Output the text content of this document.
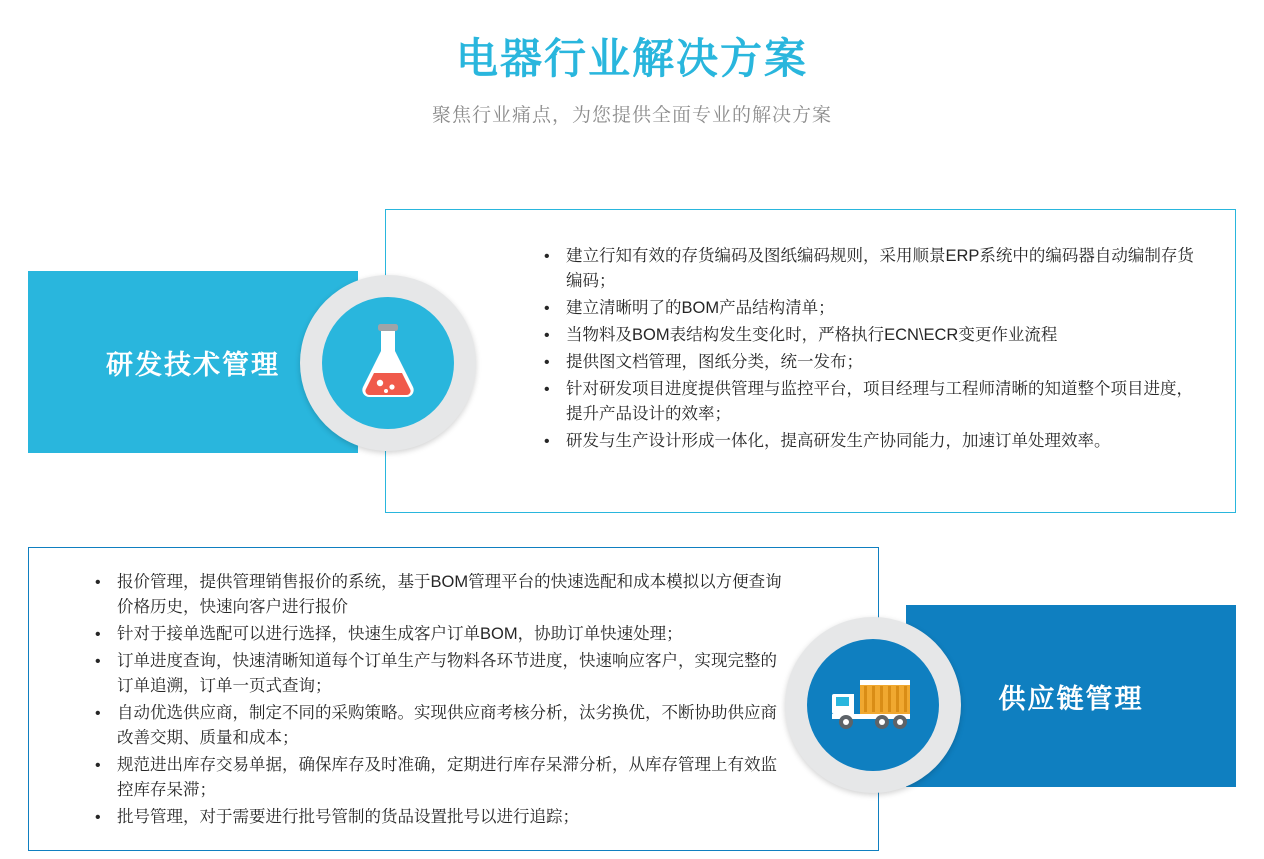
电器行业解决方案
聚焦行业痛点，为您提供全面专业的解决方案
研发技术管理
• 建立行知有效的存货编码及图纸编码规则，采用顺景ERP系统中的编码器自动编制存货编码；
• 建立清晰明了的BOM产品结构清单；
• 当物料及BOM表结构发生变化时，严格执行ECN\ECR变更作业流程
• 提供图文档管理，图纸分类，统一发布；
• 针对研发项目进度提供管理与监控平台，项目经理与工程师清晰的知道整个项目进度，提升产品设计的效率；
• 研发与生产设计形成一体化，提高研发生产协同能力，加速订单处理效率。
• 报价管理，提供管理销售报价的系统，基于BOM管理平台的快速选配和成本模拟以方便查询价格历史，快速向客户进行报价
• 针对于接单选配可以进行选择，快速生成客户订单BOM，协助订单快速处理；
• 订单进度查询，快速清晰知道每个订单生产与物料各环节进度，快速响应客户，实现完整的订单追溯，订单一页式查询；
• 自动优选供应商，制定不同的采购策略。实现供应商考核分析，汰劣换优，不断协助供应商改善交期、质量和成本；
• 规范进出库存交易单据，确保库存及时准确，定期进行库存呆滞分析，从库存管理上有效监控库存呆滞；
• 批号管理，对于需要进行批号管制的货品设置批号以进行追踪；
供应链管理
